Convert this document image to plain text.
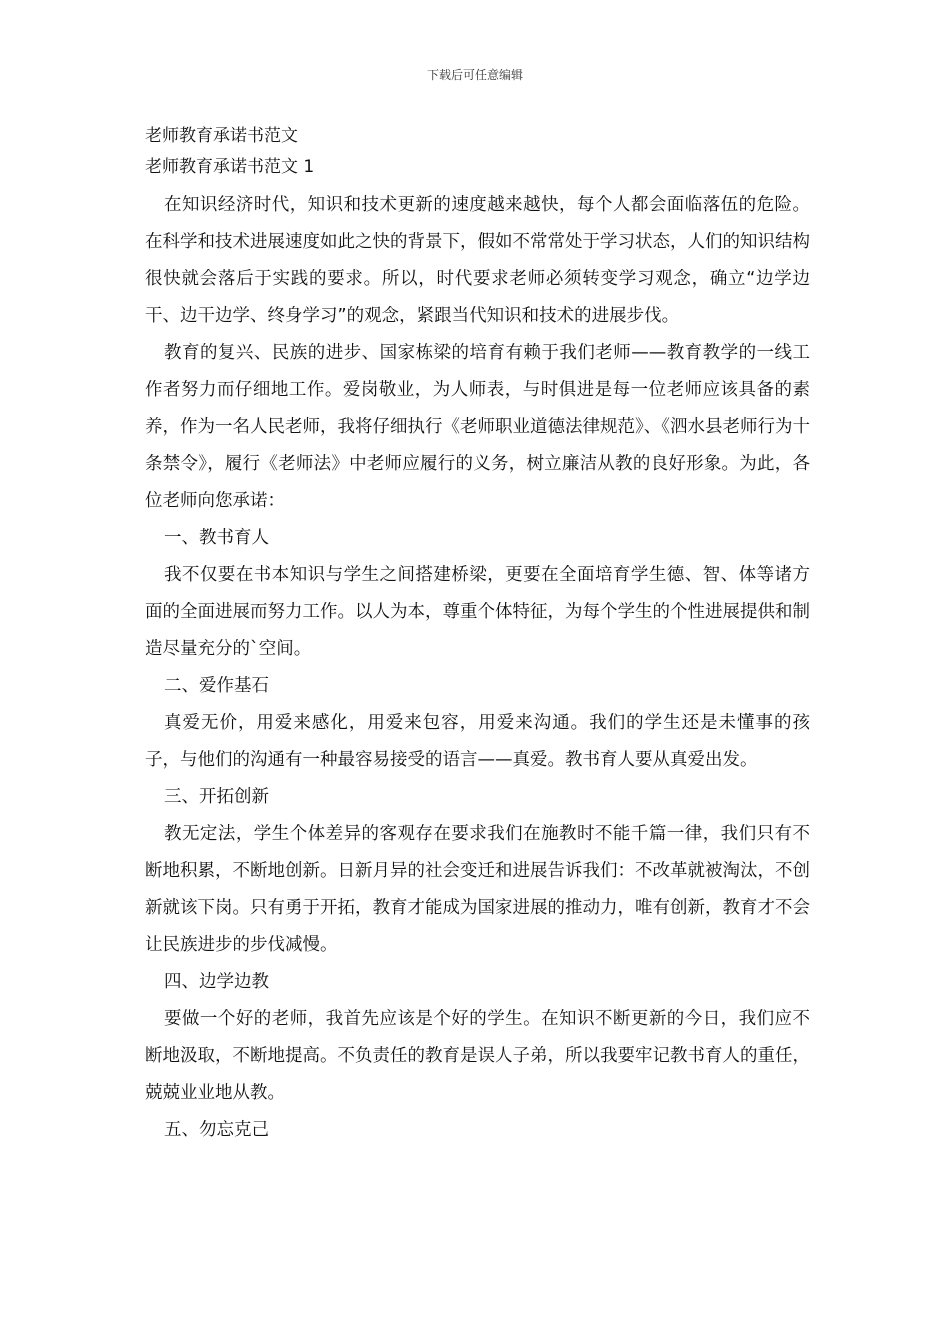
下载后可任意编辑

老师教育承诺书范文

老师教育承诺书范文 1

在知识经济时代，知识和技术更新的速度越来越快，每个人都会面临落伍的危险。在科学和技术进展速度如此之快的背景下，假如不常常处于学习状态，人们的知识结构很快就会落后于实践的要求。所以，时代要求老师必须转变学习观念，确立“边学边干、边干边学、终身学习”的观念，紧跟当代知识和技术的进展步伐。

教育的复兴、民族的进步、国家栋梁的培育有赖于我们老师——教育教学的一线工作者努力而仔细地工作。爱岗敬业，为人师表，与时俱进是每一位老师应该具备的素养，作为一名人民老师，我将仔细执行《老师职业道德法律规范》、《泗水县老师行为十条禁令》，履行《老师法》中老师应履行的义务，树立廉洁从教的良好形象。为此，各位老师向您承诺：

一、教书育人

我不仅要在书本知识与学生之间搭建桥梁，更要在全面培育学生德、智、体等诸方面的全面进展而努力工作。以人为本，尊重个体特征，为每个学生的个性进展提供和制造尽量充分的`空间。

二、爱作基石

真爱无价，用爱来感化，用爱来包容，用爱来沟通。我们的学生还是未懂事的孩子，与他们的沟通有一种最容易接受的语言——真爱。教书育人要从真爱出发。

三、开拓创新

教无定法，学生个体差异的客观存在要求我们在施教时不能千篇一律，我们只有不断地积累，不断地创新。日新月异的社会变迁和进展告诉我们：不改革就被淘汰，不创新就该下岗。只有勇于开拓，教育才能成为国家进展的推动力，唯有创新，教育才不会让民族进步的步伐减慢。

四、边学边教

要做一个好的老师，我首先应该是个好的学生。在知识不断更新的今日，我们应不断地汲取，不断地提高。不负责任的教育是误人子弟，所以我要牢记教书育人的重任，兢兢业业地从教。

五、勿忘克己
